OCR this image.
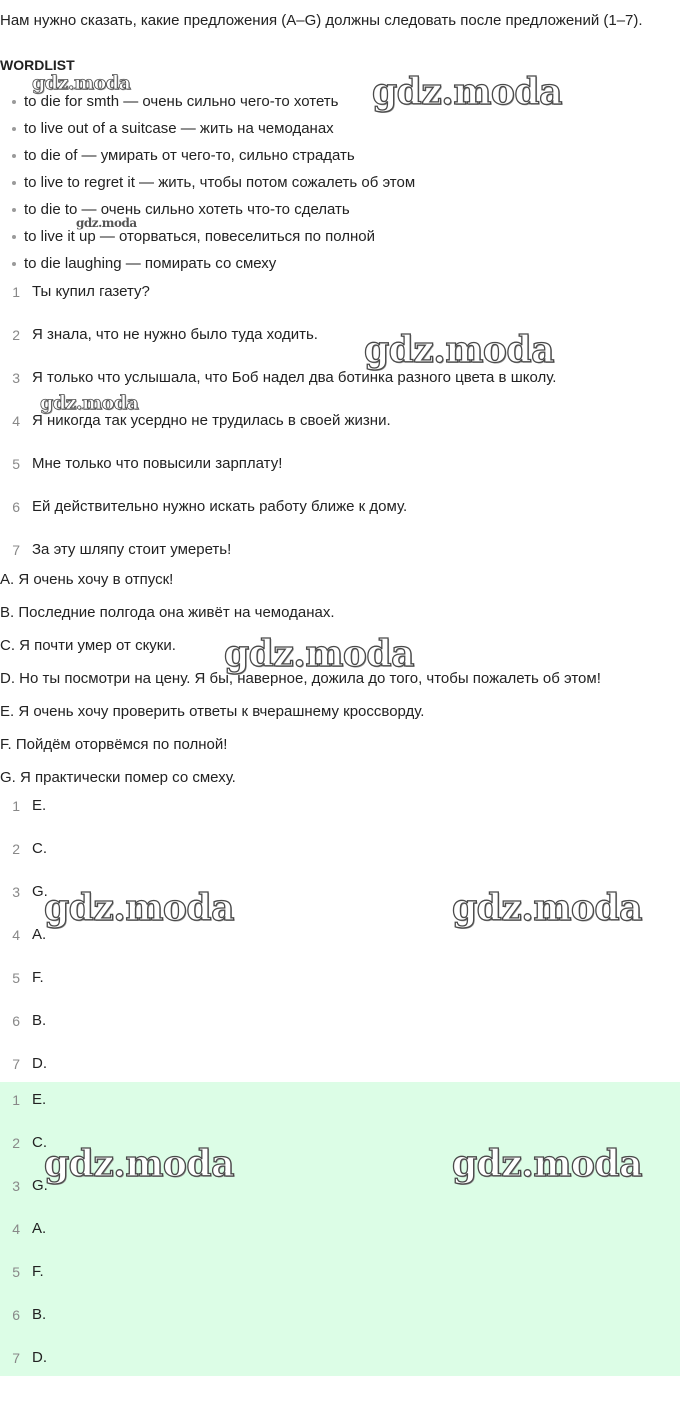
Нам нужно сказать, какие предложения (A–G) должны следовать после предложений (1–7).
WORDLIST
to die for smth — очень сильно чего-то хотеть
to live out of a suitcase — жить на чемоданах
to die of — умирать от чего-то, сильно страдать
to live to regret it — жить, чтобы потом сожалеть об этом
to die to — очень сильно хотеть что-то сделать
to live it up — оторваться, повеселиться по полной
to die laughing — помирать со смеху
1 Ты купил газету?
2 Я знала, что не нужно было туда ходить.
3 Я только что услышала, что Боб надел два ботинка разного цвета в школу.
4 Я никогда так усердно не трудилась в своей жизни.
5 Мне только что повысили зарплату!
6 Ей действительно нужно искать работу ближе к дому.
7 За эту шляпу стоит умереть!
A. Я очень хочу в отпуск!
B. Последние полгода она живёт на чемоданах.
C. Я почти умер от скуки.
D. Но ты посмотри на цену. Я бы, наверное, дожила до того, чтобы пожалеть об этом!
E. Я очень хочу проверить ответы к вчерашнему кроссворду.
F. Пойдём оторвёмся по полной!
G. Я практически помер со смеху.
1 E.
2 C.
3 G.
4 A.
5 F.
6 B.
7 D.
1 E.
2 C.
3 G.
4 A.
5 F.
6 B.
7 D.
gdz.moda	gdz.moda
gdz.moda
gdz.moda
gdz.moda
gdz.moda
gdz.moda	gdz.moda
gdz.moda	gdz.moda
